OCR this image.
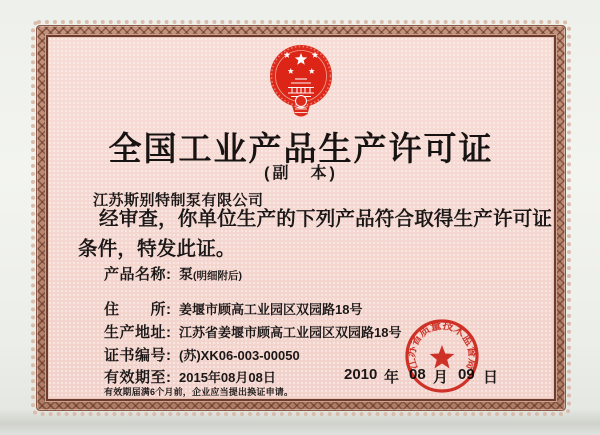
全国工业产品生产许可证
(副　本)
江苏斯别特制泵有限公司
经审查，你单位生产的下列产品符合取得生产许可证
条件，特发此证。
产品名称: 泵 (明细附后)
住　　所: 姜堰市顾高工业园区双园路18号
生产地址: 江苏省姜堰市顾高工业园区双园路18号
证书编号: (苏)XK06-003-00050
有效期至: 2015年08月08日
有效期届满6个月前，企业应当提出换证申请。
2010 年 08 月 09 日
江苏省质量技术监督局
